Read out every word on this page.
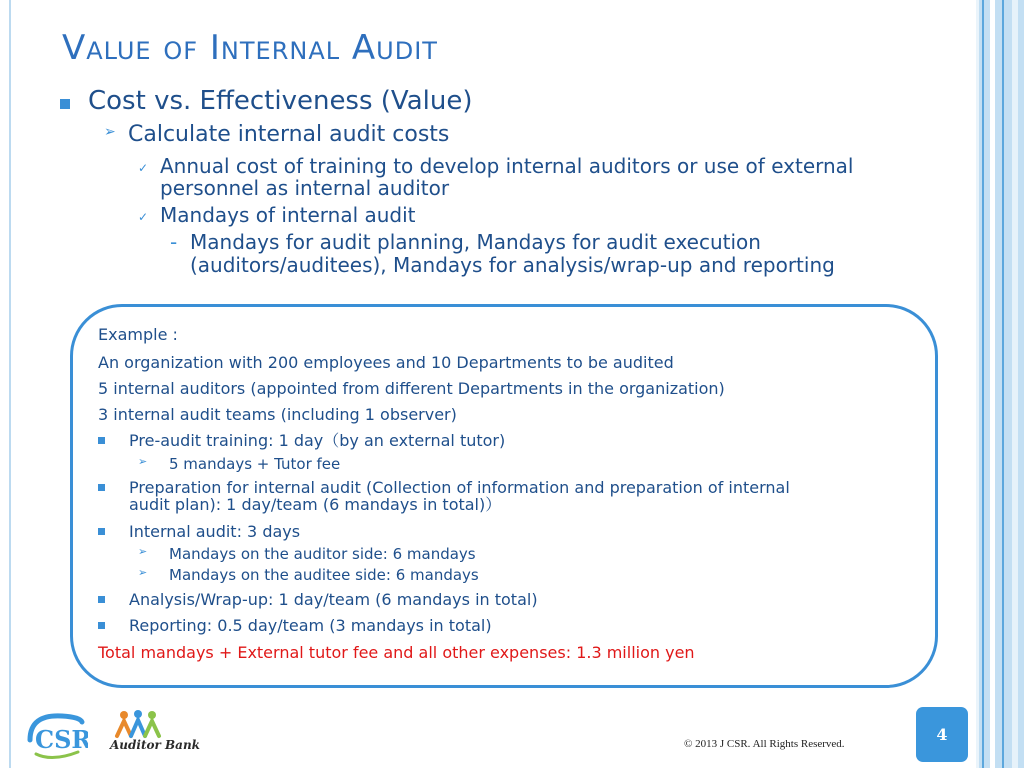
Value of Internal Audit
Cost vs. Effectiveness (Value)
➢ Calculate internal audit costs
✓ Annual cost of training to develop internal auditors or use of external
personnel as internal auditor
✓ Mandays of internal audit
- Mandays for audit planning, Mandays for audit execution
(auditors/auditees), Mandays for analysis/wrap-up and reporting
Example :
An organization with 200 employees and 10 Departments to be audited
5 internal auditors (appointed from different Departments in the organization)
3 internal audit teams (including 1 observer)
Pre-audit training: 1 day（by an external tutor)
➢ 5 mandays + Tutor fee
Preparation for internal audit (Collection of information and preparation of internal
audit plan): 1 day/team (6 mandays in total)）
Internal audit: 3 days
➢ Mandays on the auditor side: 6 mandays
➢ Mandays on the auditee side: 6 mandays
Analysis/Wrap-up: 1 day/team (6 mandays in total)
Reporting: 0.5 day/team (3 mandays in total)
Total mandays + External tutor fee and all other expenses: 1.3 million yen
CSR Auditor Bank	© 2013 J CSR. All Rights Reserved.	4
